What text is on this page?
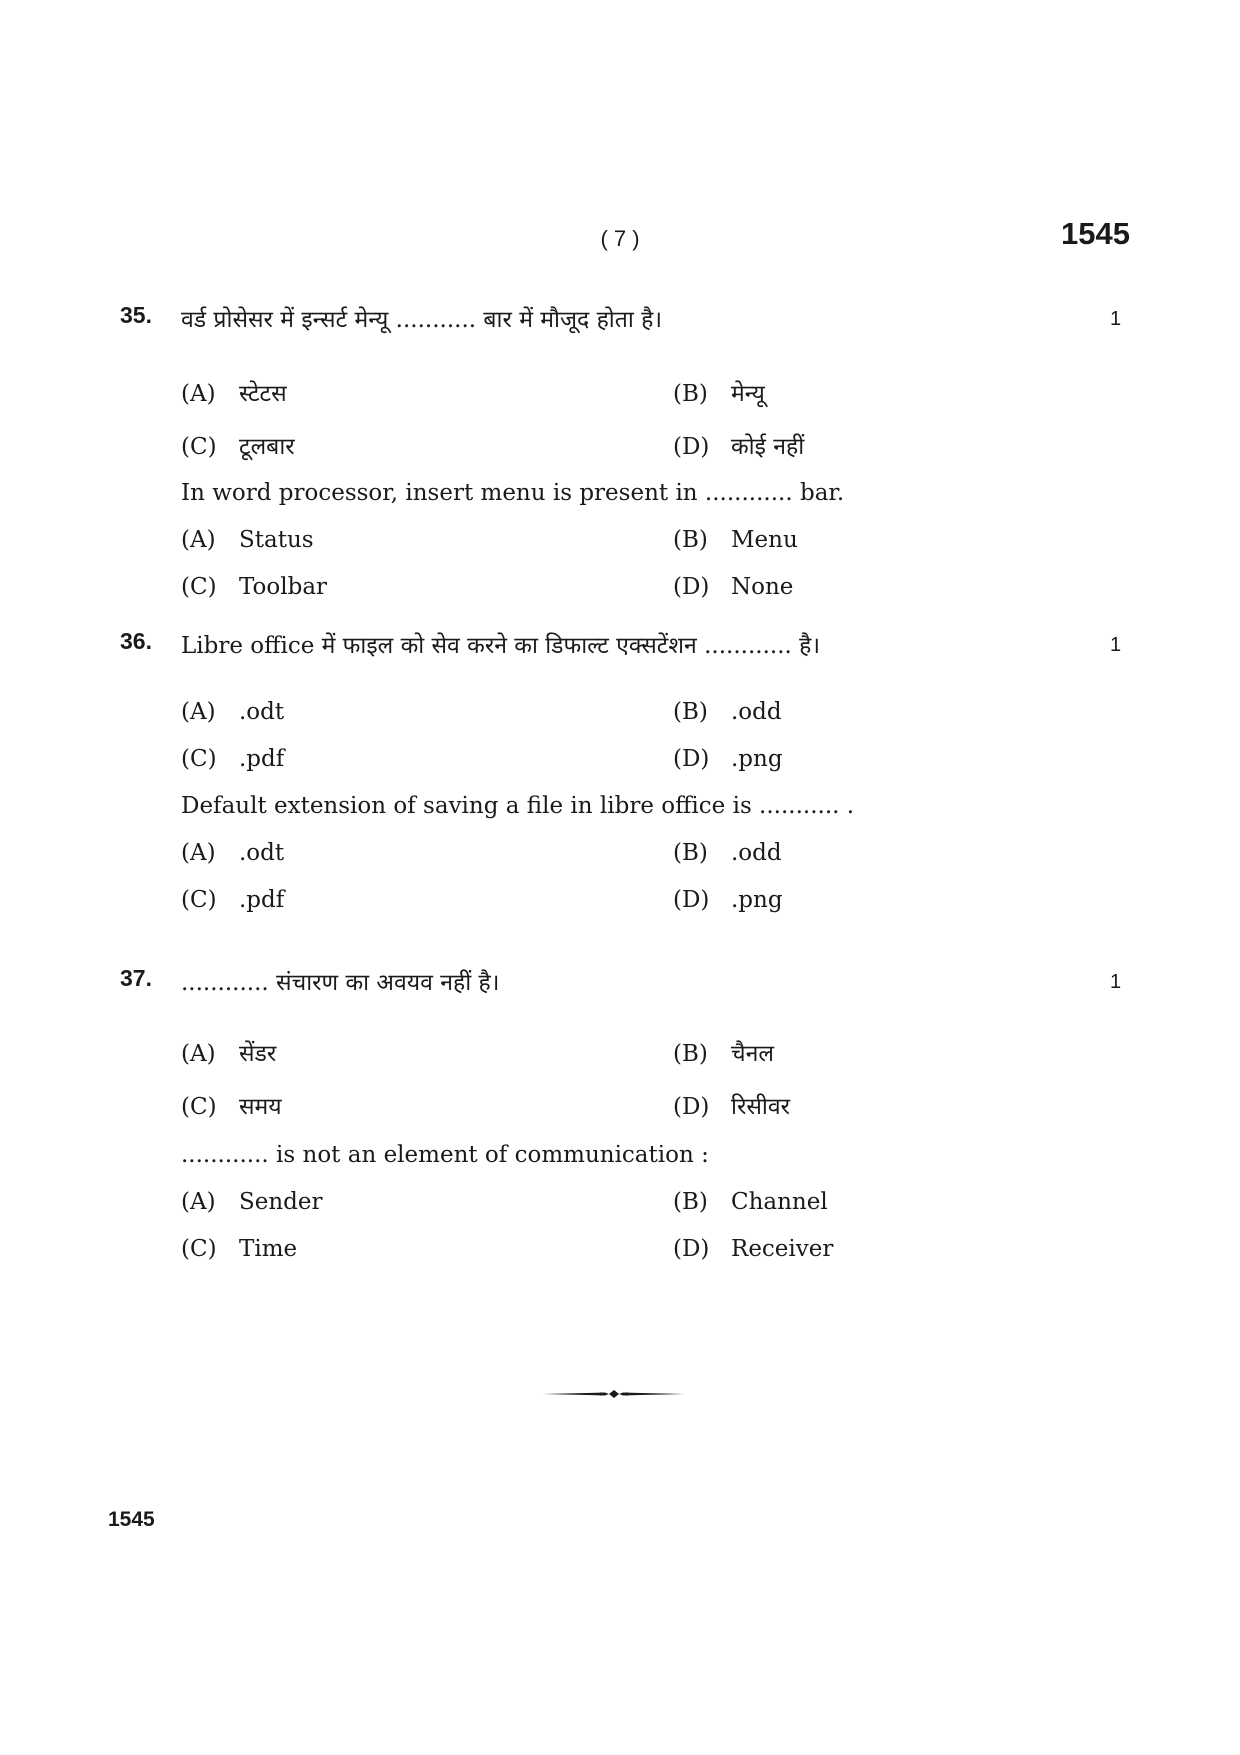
( 7 )	1545
35. वर्ड प्रोसेसर में इन्सर्ट मेन्यू ........... बार में मौजूद होता है।	1
(A) स्टेटस	(B) मेन्यू
(C) टूलबार	(D) कोई नहीं
In word processor, insert menu is present in ............ bar.
(A) Status	(B) Menu
(C) Toolbar	(D) None
36. Libre office में फाइल को सेव करने का डिफाल्ट एक्सटेंशन ............ है।	1
(A) .odt	(B) .odd
(C) .pdf	(D) .png
Default extension of saving a file in libre office is ........... .
(A) .odt	(B) .odd
(C) .pdf	(D) .png
37. ............ संचारण का अवयव नहीं है।	1
(A) सेंडर	(B) चैनल
(C) समय	(D) रिसीवर
............ is not an element of communication :
(A) Sender	(B) Channel
(C) Time	(D) Receiver
1545
